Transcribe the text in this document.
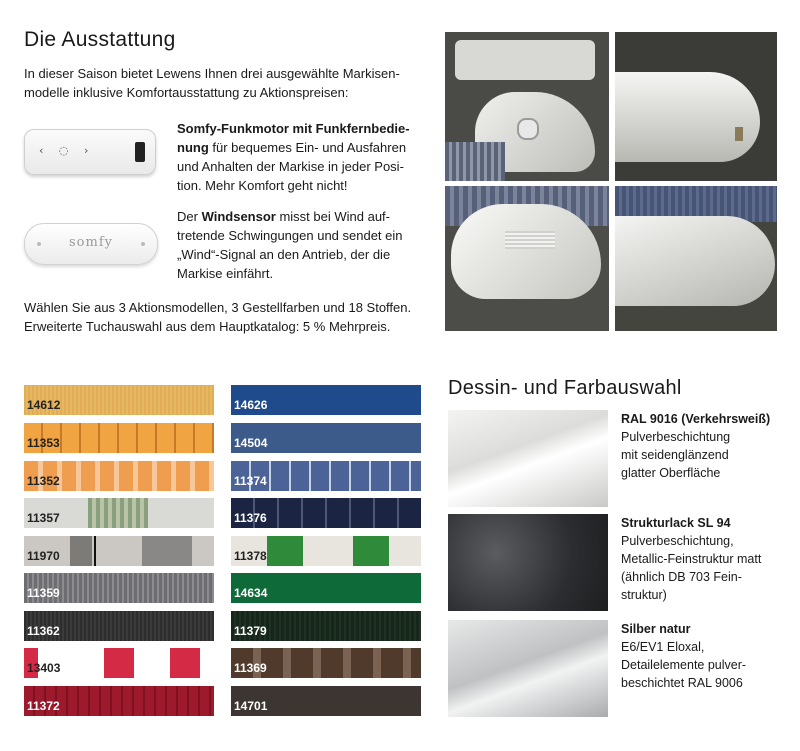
Die Ausstattung
In dieser Saison bietet Lewens Ihnen drei ausgewählte Markisen-
modelle inklusive Komfortausstattung zu Aktionspreisen:
‹ ◌ ›
Somfy-Funkmotor mit Funkfernbedie-
nung für bequemes Ein- und Ausfahren
und Anhalten der Markise in jeder Posi-
tion. Mehr Komfort geht nicht!
somfy
Der Windsensor misst bei Wind auf-
tretende Schwingungen und sendet ein
„Wind“-Signal an den Antrieb, der die
Markise einfährt.
Wählen Sie aus 3 Aktionsmodellen, 3 Gestellfarben und 18 Stoffen.
Erweiterte Tuchauswahl aus dem Hauptkatalog: 5 % Mehrpreis.
14612
11353
11352
11357
11970
11359
11362
13403
11372
14626
14504
11374
11376
11378
14634
11379
11369
14701
Dessin- und Farbauswahl
RAL 9016 (Verkehrsweiß)
Pulverbeschichtung
mit seidenglänzend
glatter Oberfläche
Strukturlack SL 94
Pulverbeschichtung,
Metallic-Feinstruktur matt
(ähnlich DB 703 Fein-
struktur)
Silber natur
E6/EV1 Eloxal,
Detailelemente pulver-
beschichtet RAL 9006
